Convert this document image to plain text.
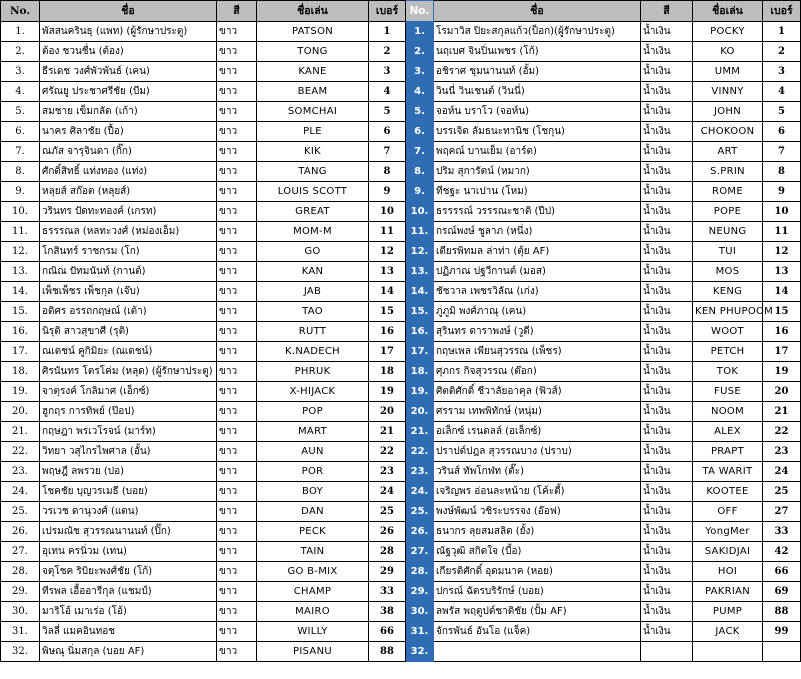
No.	ชื่อ	สี	ชื่อเล่น	เบอร์	No.	ชื่อ	สี	ชื่อเล่น	เบอร์
1.	พัสสนครินธุ (แพท) (ผู้รักษาประตู)	ขาว	PATSON	1	1.	โรมาวิส ปิยะสกุลแก้ว(ป็อก)(ผู้รักษาประตู)	น้ำเงิน	POCKY	1
2.	ต้อง ชวนชื่น (ต้อง)	ขาว	TONG	2	2.	นฤเบศ จินปิ่นเพชร (โก้)	น้ำเงิน	KO	2
3.	ธีรเดช วงศ์พัวพันธ์ (เคน)	ขาว	KANE	3	3.	อชิราศ ชุมนานนท์ (อั้ม)	น้ำเงิน	UMM	3
4.	ศรัณยู ประชาศรีชัย (บีม)	ขาว	BEAM	4	4.	วินนี่ วินเชนต์ (วินนี่)	น้ำเงิน	VINNY	4
5.	สมชาย เข็มกลัด (เก้า)	ขาว	SOMCHAI	5	5.	จอห์น บราโว (จอห์น)	น้ำเงิน	JOHN	5
6.	นาคร ศิลาชัย (ปื้อ)	ขาว	PLE	6	6.	บรรเจิด ลัมธนะทานิช (โชกุน)	น้ำเงิน	CHOKOON	6
7.	ณภัส จารุจินดา (กิ๊ก)	ขาว	KIK	7	7.	พฤคณ์ บานเย็ม (อาร์ต)	น้ำเงิน	ART	7
8.	ศักดิ์สิทธิ์ แท่งทอง (แท่ง)	ขาว	TANG	8	8.	ปริม สุการัตน์ (หมาก)	น้ำเงิน	S.PRIN	8
9.	หลุยส์ สก๊อต (หลุยส์)	ขาว	LOUIS SCOTT	9	9.	ทีชฐะ นาเปาน (โหม)	น้ำเงิน	ROME	9
10.	วรินทร ปัดทะทองค์ (เกรท)	ขาว	GREAT	10	10.	ธรรรรณ์ วรรรณะชาติ (ปีป)	น้ำเงิน	POPE	10
11.	ธรรรณล (หลทะวงศ์ (หม่องเอ็ม)	ขาว	MOM-M	11	11.	กรณ์พงษ์ ชูลาภ (หนึ่ง)	น้ำเงิน	NEUNG	11
12.	โกสินทร์ ราชกรม (โก)	ขาว	GO	12	12.	เตียรพิทมล ล่าท่า (ตุ้ย AF)	น้ำเงิน	TUI	12
13.	กณิณ ปัทมนันท์ (กานต์)	ขาว	KAN	13	13.	ปฏิภาณ ปฐวีกานต์ (มอส)	น้ำเงิน	MOS	13
14.	เพ็ชเพ็ชร เพ็ชกุล (เจ๊บ)	ขาว	JAB	14	14.	ชัชวาล เพชรวิลัณ (เก่ง)	น้ำเงิน	KENG	14
15.	อดิศร อรรถกฤษณ์ (เต้า)	ขาว	TAO	15	15.	ภูภูมิ พงศ์ภาณุ (เคน)	น้ำเงิน	KEN PHUPOOM	15
16.	นิรุติ สาวสุขาศี (รุติ)	ขาว	RUTT	16	16.	สุรินทร ดาราพงษ์ (วูดี)	น้ำเงิน	WOOT	16
17.	ณเดชน์ คูกิมิยะ (ณเดชน์)	ขาว	K.NADECH	17	17.	กฤษเพล เพียนสุวรรณ (เพ็ชร)	น้ำเงิน	PETCH	17
18.	ศิรนันทร โตรโค่ม (หลุด) (ผู้รักษาประตู)	ขาว	PHRUK	18	18.	ศุภกร กิจสุวรรณ (ต๊อก)	น้ำเงิน	TOK	19
19.	จาตุรงค์ โกลิมาศ (เอ็กซ์)	ขาว	X-HIJACK	19	19.	ศิตติศักดิ์ ชีวาลัยอาคุล (ฟิวส์)	น้ำเงิน	FUSE	20
20.	ฮูกฤร การทิพย์ (ป๊อป)	ขาว	POP	20	20.	ศรราม เทพพิทักษ์ (หนุ่ม)	น้ำเงิน	NOOM	21
21.	กฤษฎา พรเวโรจน์ (มาร์ท)	ขาว	MART	21	21.	อเล็กซ์ เรนดลล์ (อเล็กซ์)	น้ำเงิน	ALEX	22
22.	วิทยา วสุไกรไพศาล (อั้น)	ขาว	AUN	22	22.	ปราปต์ปฎล สุวรรณบาง (ปราบ)	น้ำเงิน	PRAPT	23
23.	พฤษฎี ลพรวย (ปอ)	ขาว	POR	23	23.	วรินส์ ทัพโกฬท (ตั๊ะ)	น้ำเงิน	TA WARIT	24
24.	โชคชัย บุญวรเมธี (บอย)	ขาว	BOY	24	24.	เจริญพร อ่อนละหน้าย (โค้ะตี้)	น้ำเงิน	KOOTEE	25
25.	วรเวช ดานุวงศ์ (แดน)	ขาว	DAN	25	25.	พงษ์พัฒน์ วชิระบรรจง (อ๊อฟ)	น้ำเงิน	OFF	27
26.	เปรมณัช สุวรรณนานนท์ (ปิ๊ก)	ขาว	PECK	26	26.	ธนากร ลุยสมสลิต (ยั้ง)	น้ำเงิน	YongMer	33
27.	อุเทน ครนิ่วม (เทน)	ขาว	TAIN	28	27.	ณัฐวุฒิ สกิดใจ (บี้อ)	น้ำเงิน	SAKIDJAI	42
28.	จตุโชค ริบิยะพงศ์ชัย (โก้)	ขาว	GO B-MIX	29	28.	เกียรติศักดิ์ อุดมนาค (หอย)	น้ำเงิน	HOI	66
29.	ทีรพล เอื้ออารีกุล (แชมป์)	ขาว	CHAMP	33	29.	ปกรณ์ ฉัตรบริรักษ์ (บอย)	น้ำเงิน	PAKRIAN	69
30.	มาริโอ้ เมาเร่อ (โอ้)	ขาว	MAIRO	38	30.	ลพรัส พฤตูปต์ชาติชัย (ปั้ม AF)	น้ำเงิน	PUMP	88
31.	วิลลี่ แมคอินทอช	ขาว	WILLY	66	31.	จักรพันธ์ อันโอ (แจ็ค)	น้ำเงิน	JACK	99
32.	พิษณุ นิ่มสกุล (บอย AF)	ขาว	PISANU	88	32.				
